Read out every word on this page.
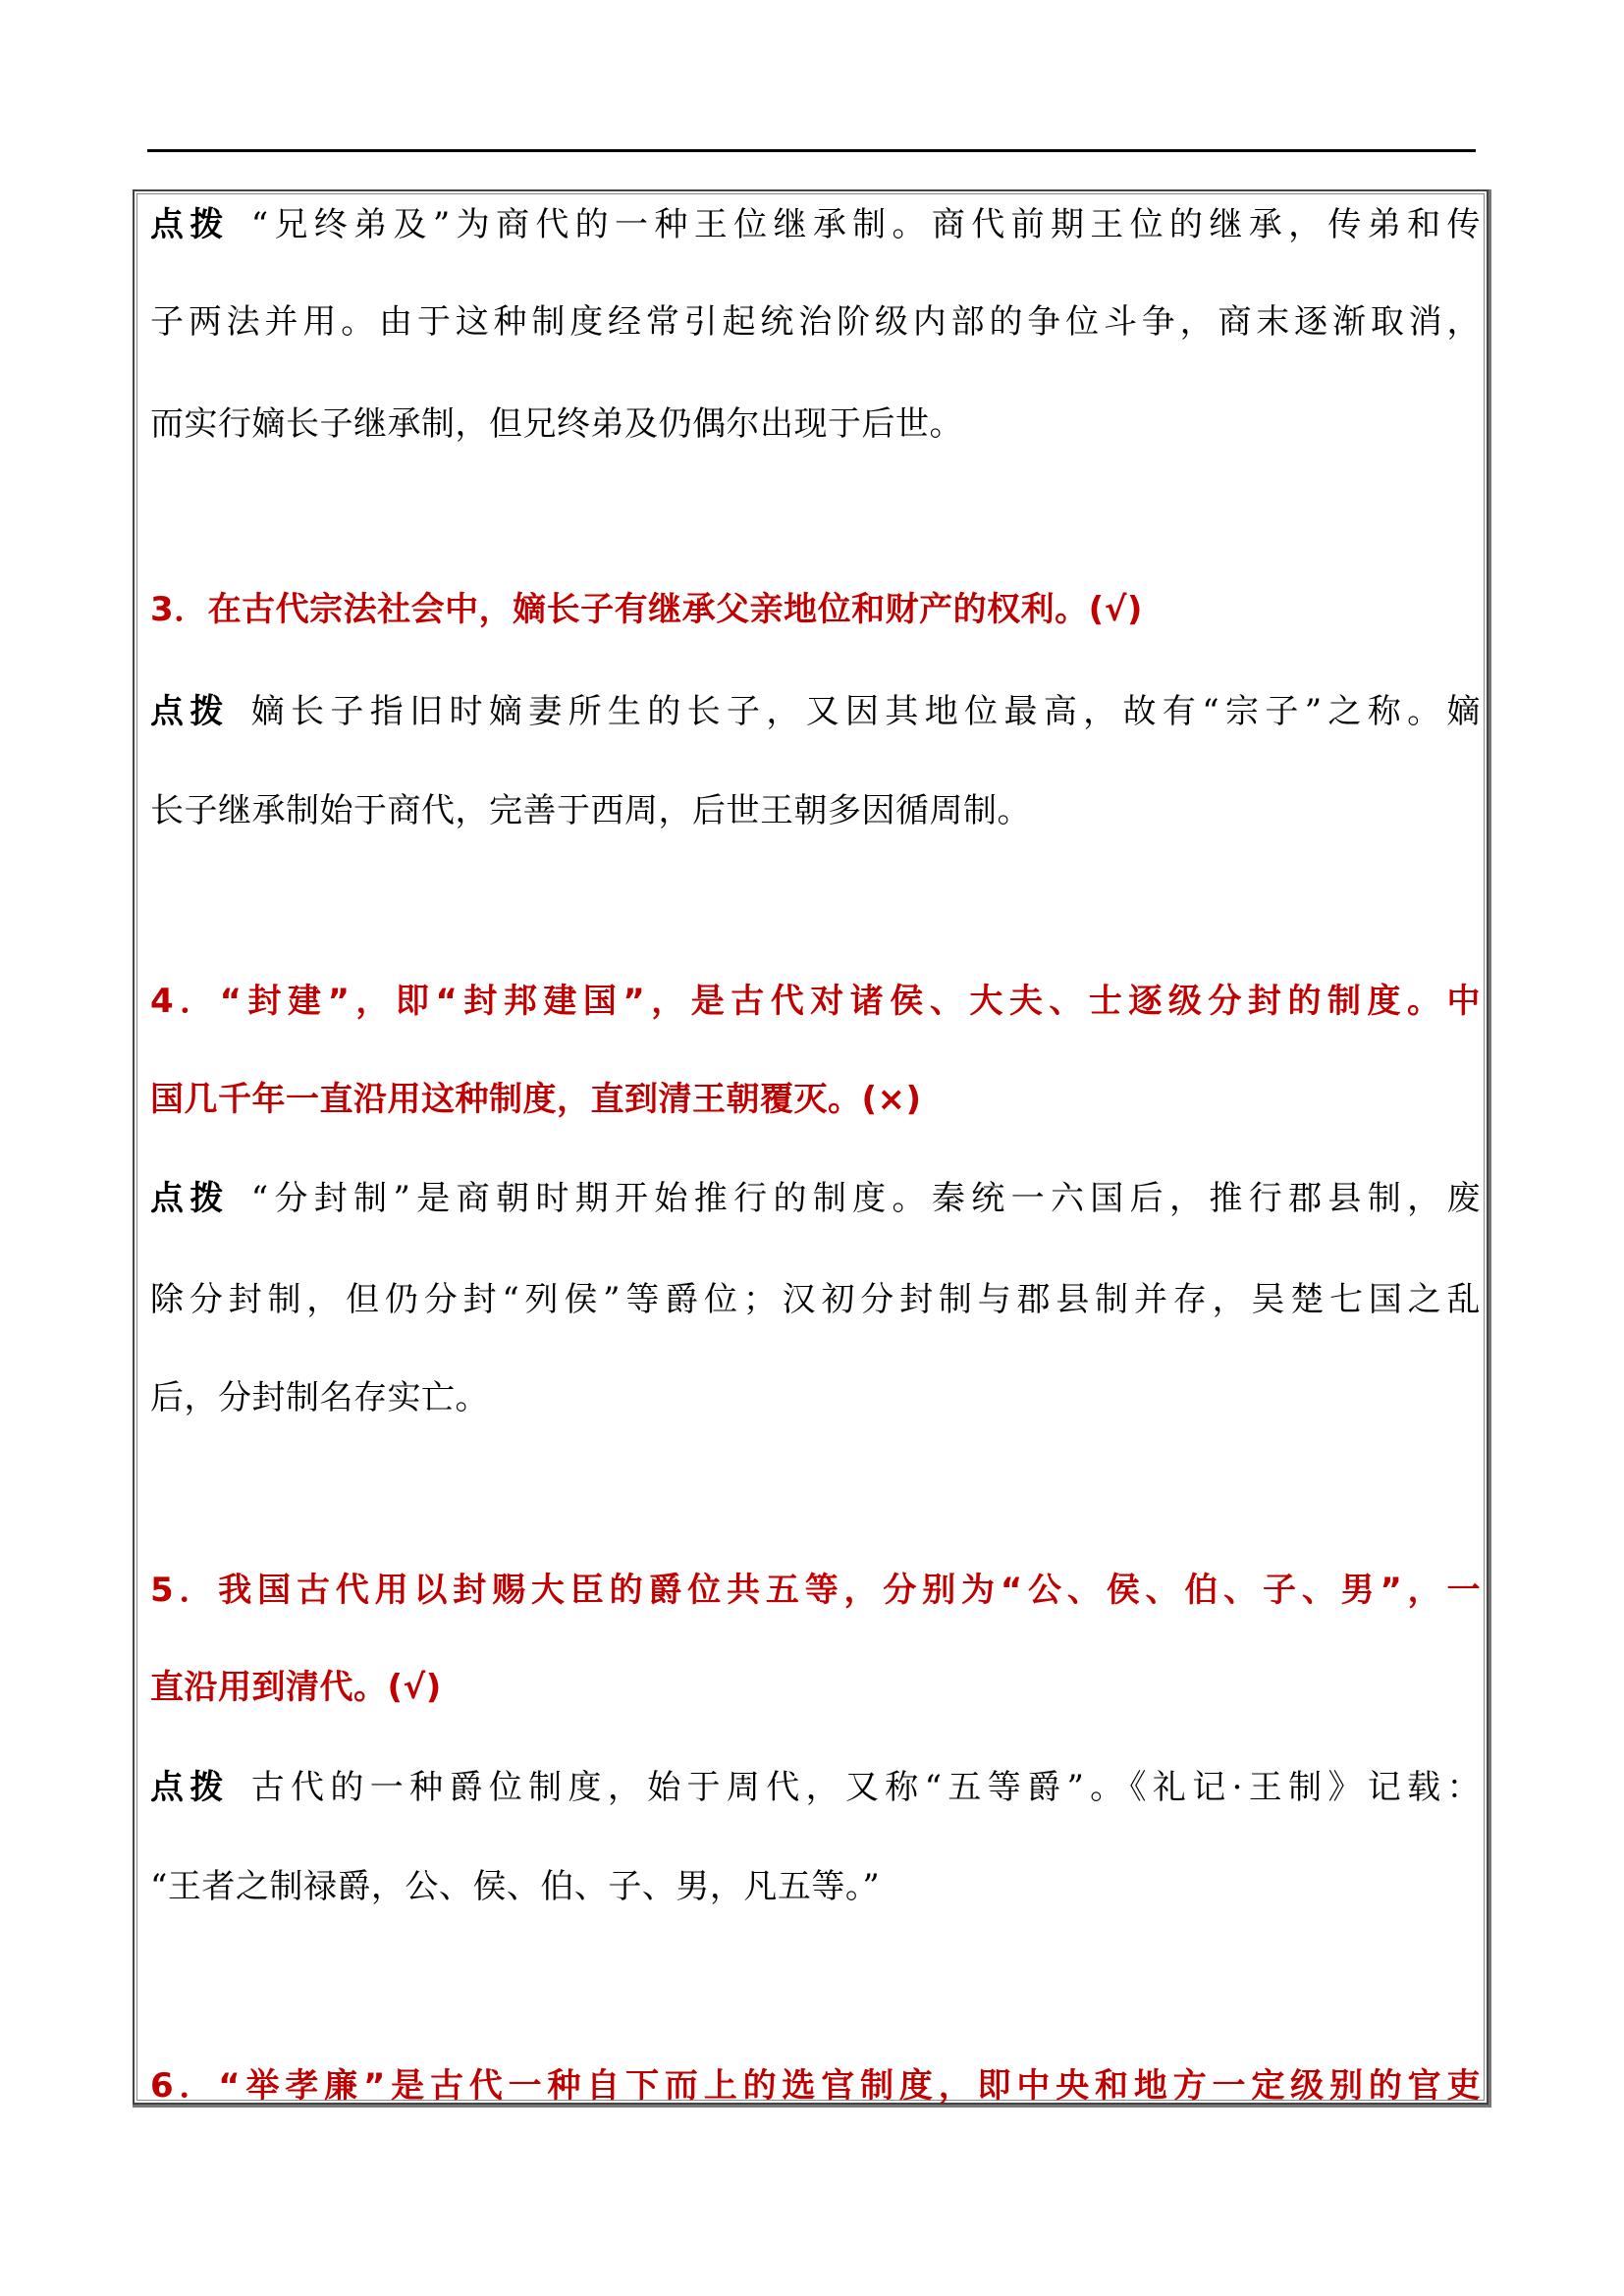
点拨 “兄终弟及”为商代的一种王位继承制。商代前期王位的继承，传弟和传
子两法并用。由于这种制度经常引起统治阶级内部的争位斗争，商末逐渐取消，
而实行嫡长子继承制，但兄终弟及仍偶尔出现于后世。
3．在古代宗法社会中，嫡长子有继承父亲地位和财产的权利。(√)
点拨 嫡长子指旧时嫡妻所生的长子，又因其地位最高，故有“宗子”之称。嫡
长子继承制始于商代，完善于西周，后世王朝多因循周制。
4．“封建”，即“封邦建国”，是古代对诸侯、大夫、士逐级分封的制度。中
国几千年一直沿用这种制度，直到清王朝覆灭。(×)
点拨 “分封制”是商朝时期开始推行的制度。秦统一六国后，推行郡县制，废
除分封制，但仍分封“列侯”等爵位；汉初分封制与郡县制并存，吴楚七国之乱
后，分封制名存实亡。
5．我国古代用以封赐大臣的爵位共五等，分别为“公、侯、伯、子、男”，一
直沿用到清代。(√)
点拨 古代的一种爵位制度，始于周代，又称“五等爵”。《礼记·王制》记载：
“王者之制禄爵，公、侯、伯、子、男，凡五等。”
6．“举孝廉”是古代一种自下而上的选官制度，即中央和地方一定级别的官吏
